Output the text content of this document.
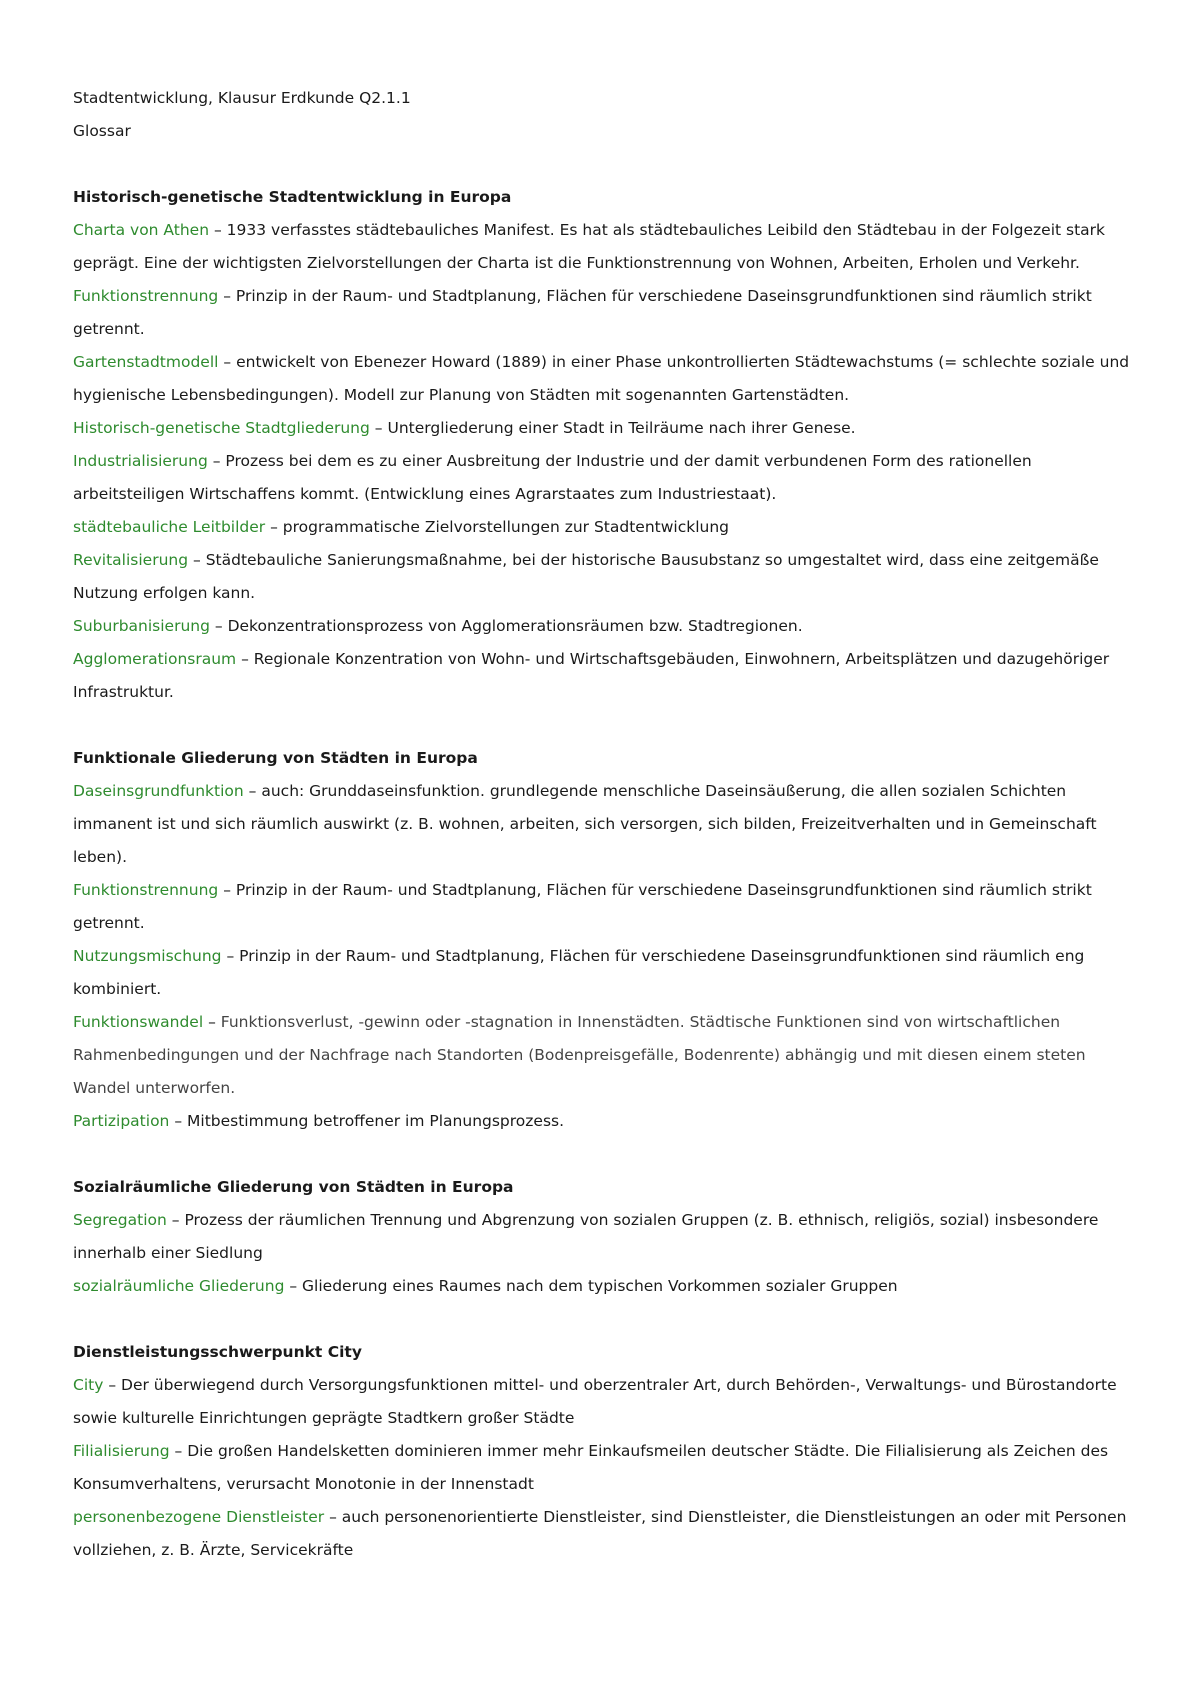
Stadtentwicklung, Klausur Erdkunde Q2.1.1

Glossar

Historisch-genetische Stadtentwicklung in Europa

Charta von Athen – 1933 verfasstes städtebauliches Manifest. Es hat als städtebauliches Leibild den Städtebau in der Folgezeit stark geprägt. Eine der wichtigsten Zielvorstellungen der Charta ist die Funktionstrennung von Wohnen, Arbeiten, Erholen und Verkehr.

Funktionstrennung – Prinzip in der Raum- und Stadtplanung, Flächen für verschiedene Daseinsgrundfunktionen sind räumlich strikt getrennt.

Gartenstadtmodell – entwickelt von Ebenezer Howard (1889) in einer Phase unkontrollierten Städtewachstums (= schlechte soziale und hygienische Lebensbedingungen). Modell zur Planung von Städten mit sogenannten Gartenstädten.

Historisch-genetische Stadtgliederung – Untergliederung einer Stadt in Teilräume nach ihrer Genese.

Industrialisierung – Prozess bei dem es zu einer Ausbreitung der Industrie und der damit verbundenen Form des rationellen arbeitsteiligen Wirtschaffens kommt. (Entwicklung eines Agrarstaates zum Industriestaat).

städtebauliche Leitbilder – programmatische Zielvorstellungen zur Stadtentwicklung

Revitalisierung – Städtebauliche Sanierungsmaßnahme, bei der historische Bausubstanz so umgestaltet wird, dass eine zeitgemäße Nutzung erfolgen kann.

Suburbanisierung – Dekonzentrationsprozess von Agglomerationsräumen bzw. Stadtregionen.

Agglomerationsraum – Regionale Konzentration von Wohn- und Wirtschaftsgebäuden, Einwohnern, Arbeitsplätzen und dazugehöriger Infrastruktur.

Funktionale Gliederung von Städten in Europa

Daseinsgrundfunktion – auch: Grunddaseinsfunktion. grundlegende menschliche Daseinsäußerung, die allen sozialen Schichten immanent ist und sich räumlich auswirkt (z. B. wohnen, arbeiten, sich versorgen, sich bilden, Freizeitverhalten und in Gemeinschaft leben).

Funktionstrennung – Prinzip in der Raum- und Stadtplanung, Flächen für verschiedene Daseinsgrundfunktionen sind räumlich strikt getrennt.

Nutzungsmischung – Prinzip in der Raum- und Stadtplanung, Flächen für verschiedene Daseinsgrundfunktionen sind räumlich eng kombiniert.

Funktionswandel – Funktionsverlust, -gewinn oder -stagnation in Innenstädten. Städtische Funktionen sind von wirtschaftlichen Rahmenbedingungen und der Nachfrage nach Standorten (Bodenpreisgefälle, Bodenrente) abhängig und mit diesen einem steten Wandel unterworfen.

Partizipation – Mitbestimmung betroffener im Planungsprozess.

Sozialräumliche Gliederung von Städten in Europa

Segregation – Prozess der räumlichen Trennung und Abgrenzung von sozialen Gruppen (z. B. ethnisch, religiös, sozial) insbesondere innerhalb einer Siedlung

sozialräumliche Gliederung – Gliederung eines Raumes nach dem typischen Vorkommen sozialer Gruppen

Dienstleistungsschwerpunkt City

City – Der überwiegend durch Versorgungsfunktionen mittel- und oberzentraler Art, durch Behörden-, Verwaltungs- und Bürostandorte sowie kulturelle Einrichtungen geprägte Stadtkern großer Städte

Filialisierung – Die großen Handelsketten dominieren immer mehr Einkaufsmeilen deutscher Städte. Die Filialisierung als Zeichen des Konsumverhaltens, verursacht Monotonie in der Innenstadt

personenbezogene Dienstleister – auch personenorientierte Dienstleister, sind Dienstleister, die Dienstleistungen an oder mit Personen vollziehen, z. B. Ärzte, Servicekräfte
